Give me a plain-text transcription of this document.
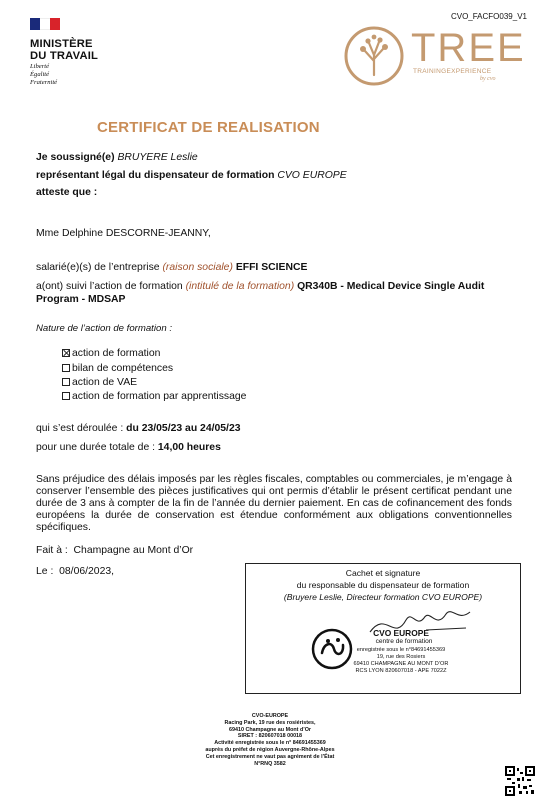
CVO_FACFO039_V1
MINISTÈRE
DU TRAVAIL
Liberté
Égalité
Fraternité
TREE
TRAININGEXPERIENCE
by cvo
CERTIFICAT DE REALISATION
Je soussigné(e) BRUYERE Leslie
représentant légal du dispensateur de formation CVO EUROPE
atteste que :
Mme Delphine DESCORNE-JEANNY,
salarié(e)(s) de l’entreprise (raison sociale) EFFI SCIENCE
a(ont) suivi l’action de formation (intitulé de la formation) QR340B - Medical Device Single Audit
Program - MDSAP
Nature de l’action de formation :
action de formation
bilan de compétences
action de VAE
action de formation par apprentissage
qui s’est déroulée : du 23/05/23 au 24/05/23
pour une durée totale de : 14,00 heures
Sans préjudice des délais imposés par les règles fiscales, comptables ou commerciales, je m’engage à conserver l’ensemble des pièces justificatives qui ont permis d’établir le présent certificat pendant une durée de 3 ans à compter de la fin de l’année du dernier paiement. En cas de cofinancement des fonds européens la durée de conservation est étendue conformément aux obligations conventionnelles spécifiques.
Fait à : Champagne au Mont d’Or
Le : 08/06/2023,	Cachet et signature
du responsable du dispensateur de formation
(Bruyere Leslie, Directeur formation CVO EUROPE)
CVO EUROPE
centre de formation
enregistrée sous le n°84691455369
19, rue des Rosiers
69410 CHAMPAGNE AU MONT D’OR
RCS LYON 820607018 - APE 7022Z
CVO-EUROPE
Racing Park, 19 rue des rosiéristes,
69410 Champagne au Mont d’Or
SIRET : 820607018 00018
Activité enregistrée sous le n° 84691455369
auprès du préfet de région Auvergne-Rhône-Alpes
Cet enregistrement ne vaut pas agrément de l’État
N°RNQ 3582
